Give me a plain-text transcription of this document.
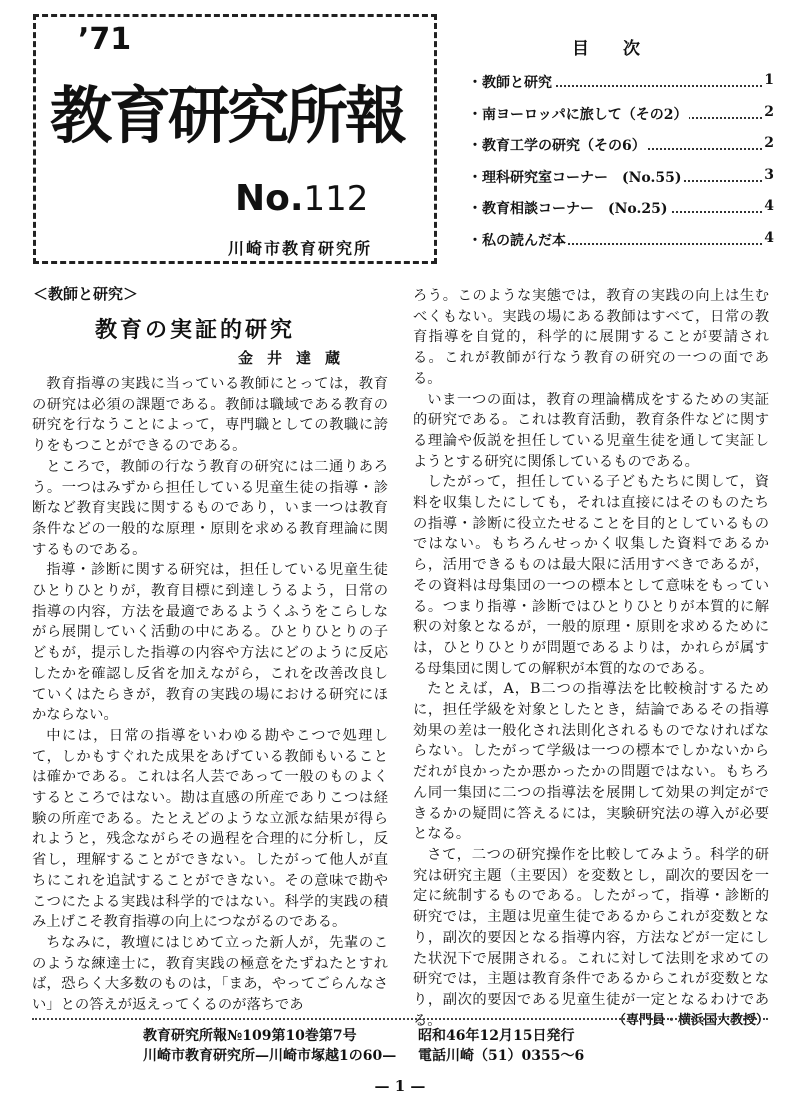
’71
教育研究所報
No.112
川崎市教育研究所
目次
・教師と研究	1
・南ヨーロッパに旅して（その2）	2
・教育工学の研究（その6）	2
・理科研究室コーナー　(No.55)	3
・教育相談コーナー　(No.25)	4
・私の読んだ本	4
＜教師と研究＞
教育の実証的研究
金井達蔵

教育指導の実践に当っている教師にとっては，教育の研究は必須の課題である。教師は職域である教育の研究を行なうことによって，専門職としての教職に誇りをもつことができるのである。

ところで，教師の行なう教育の研究には二通りあろう。一つはみずから担任している児童生徒の指導・診断など教育実践に関するものであり，いま一つは教育条件などの一般的な原理・原則を求める教育理論に関するものである。

指導・診断に関する研究は，担任している児童生徒ひとりひとりが，教育目標に到達しうるよう，日常の指導の内容，方法を最適であるようくふうをこらしながら展開していく活動の中にある。ひとりひとりの子どもが，提示した指導の内容や方法にどのように反応したかを確認し反省を加えながら，これを改善改良していくはたらきが，教育の実践の場における研究にほかならない。

中には，日常の指導をいわゆる勘やこつで処理して，しかもすぐれた成果をあげている教師もいることは確かである。これは名人芸であって一般のものよくするところではない。勘は直感の所産でありこつは経験の所産である。たとえどのような立派な結果が得られようと，残念ながらその過程を合理的に分析し，反省し，理解することができない。したがって他人が直ちにこれを追試することができない。その意味で勘やこつにたよる実践は科学的ではない。科学的実践の積み上げこそ教育指導の向上につながるのである。

ちなみに，教壇にはじめて立った新人が，先輩のこのような練達士に，教育実践の極意をたずねたとすれば，恐らく大多数のものは，「まあ，やってごらんなさい」との答えが返えってくるのが落ちであ

ろう。このような実態では，教育の実践の向上は生むべくもない。実践の場にある教師はすべて，日常の教育指導を自覚的，科学的に展開することが要請される。これが教師が行なう教育の研究の一つの面である。

いま一つの面は，教育の理論構成をするための実証的研究である。これは教育活動，教育条件などに関する理論や仮説を担任している児童生徒を通して実証しようとする研究に関係しているものである。

したがって，担任している子どもたちに関して，資料を収集したにしても，それは直接にはそのものたちの指導・診断に役立たせることを目的としているものではない。もちろんせっかく収集した資料であるから，活用できるものは最大限に活用すべきであるが，その資料は母集団の一つの標本として意味をもっている。つまり指導・診断ではひとりひとりが本質的に解釈の対象となるが，一般的原理・原則を求めるためには，ひとりひとりが問題であるよりは，かれらが属する母集団に関しての解釈が本質的なのである。

たとえば，A，B二つの指導法を比較検討するために，担任学級を対象としたとき，結論であるその指導効果の差は一般化され法則化されるものでなければならない。したがって学級は一つの標本でしかないからだれが良かったか悪かったかの問題ではない。もちろん同一集団に二つの指導法を展開して効果の判定ができるかの疑問に答えるには，実験研究法の導入が必要となる。

さて，二つの研究操作を比較してみよう。科学的研究は研究主題（主要因）を変数とし，副次的要因を一定に統制するものである。したがって，指導・診断的研究では，主題は児童生徒であるからこれが変数となり，副次的要因となる指導内容，方法などが一定にした状況下で展開される。これに対して法則を求めての研究では，主題は教育条件であるからこれが変数となり，副次的要因である児童生徒が一定となるわけである。	（専門員・横浜国大教授）
教育研究所報№109第10巻第7号	昭和46年12月15日発行
川崎市教育研究所—川崎市塚越1の60— 電話川崎（51）0355〜6
— 1 —
